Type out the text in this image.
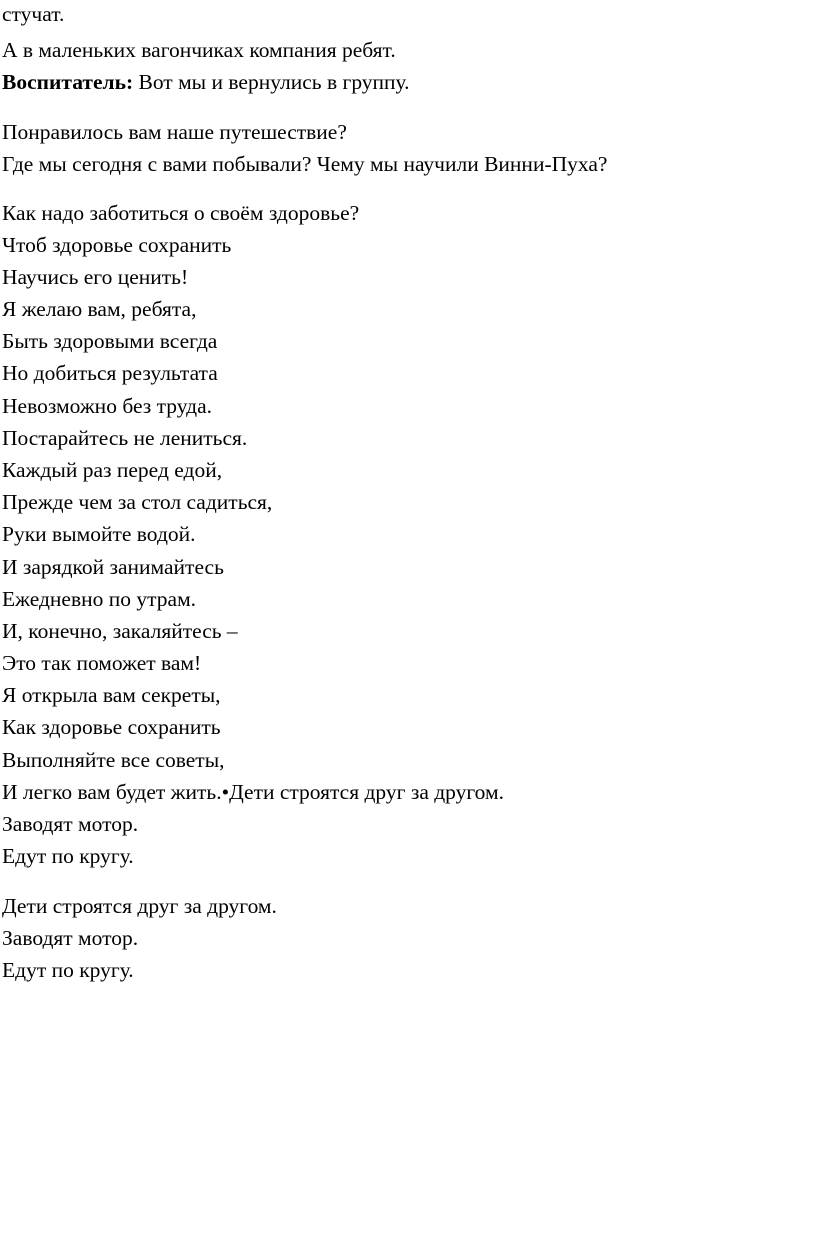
стучат.
А в маленьких вагончиках компания ребят.
Воспитатель: Вот мы и вернулись в группу.
Понравилось вам наше путешествие?
Где мы сегодня с вами побывали? Чему мы научили Винни-Пуха?
Как надо заботиться о своём здоровье?
Чтоб здоровье сохранить
Научись его ценить!
Я желаю вам, ребята,
Быть здоровыми всегда
Но добиться результата
Невозможно без труда.
Постарайтесь не лениться.
Каждый раз перед едой,
Прежде чем за стол садиться,
Руки вымойте водой.
И зарядкой занимайтесь
Ежедневно по утрам.
И, конечно, закаляйтесь –
Это так поможет вам!
Я открыла вам секреты,
Как здоровье сохранить
Выполняйте все советы,
И легко вам будет жить.•Дети строятся друг за другом.
Заводят мотор.
Едут по кругу.
Дети строятся друг за другом.
Заводят мотор.
Едут по кругу.
